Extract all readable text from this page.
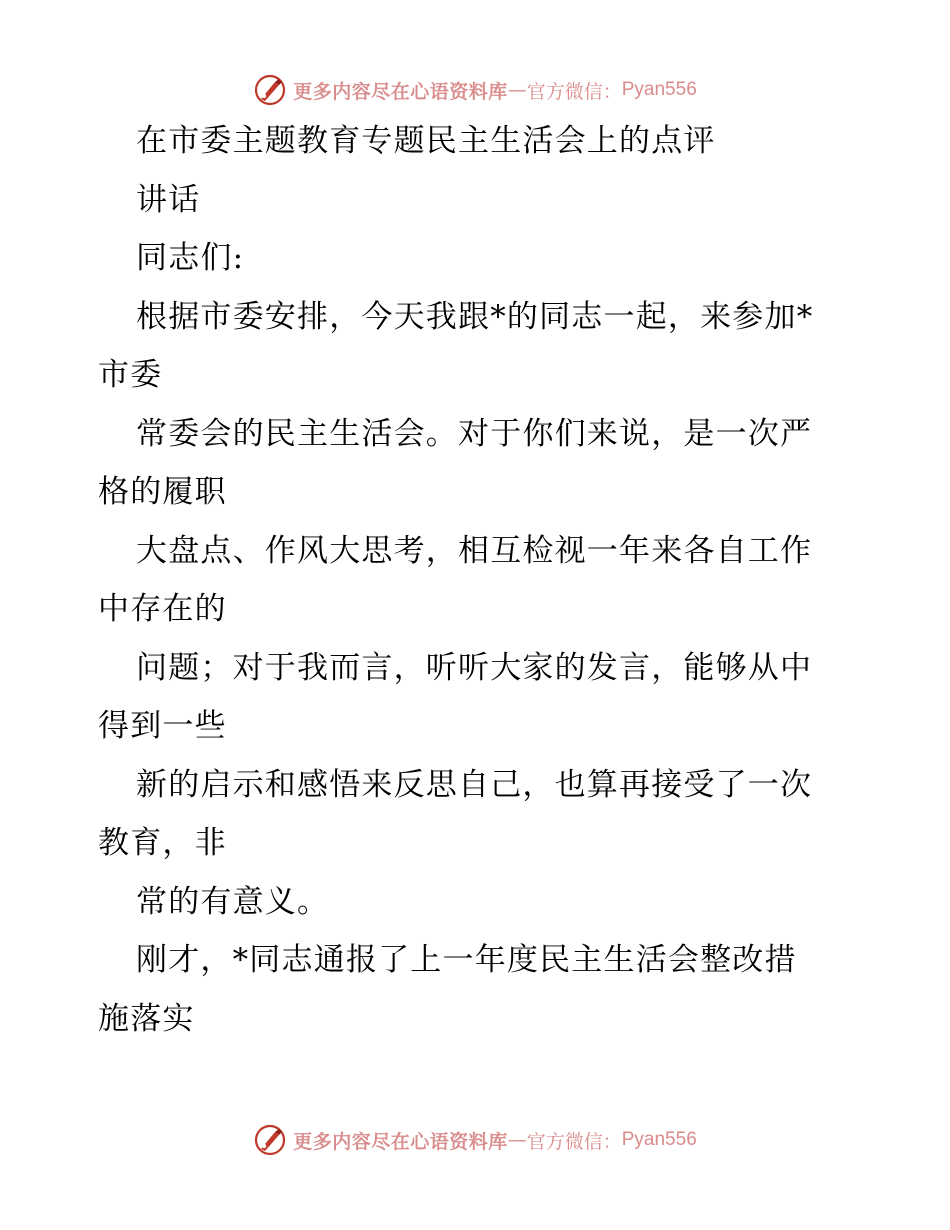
更多内容尽在心语资料库 — 官方微信： Pyan556

在市委主题教育专题民主生活会上的点评

讲话

同志们:

根据市委安排，今天我跟*的同志一起，来参加*
市委

常委会的民主生活会。对于你们来说，是一次严
格的履职

大盘点、作风大思考，相互检视一年来各自工作
中存在的

问题；对于我而言，听听大家的发言，能够从中
得到一些

新的启示和感悟来反思自己，也算再接受了一次
教育，非

常的有意义。

刚才，*同志通报了上一年度民主生活会整改措
施落实

更多内容尽在心语资料库 — 官方微信： Pyan556
